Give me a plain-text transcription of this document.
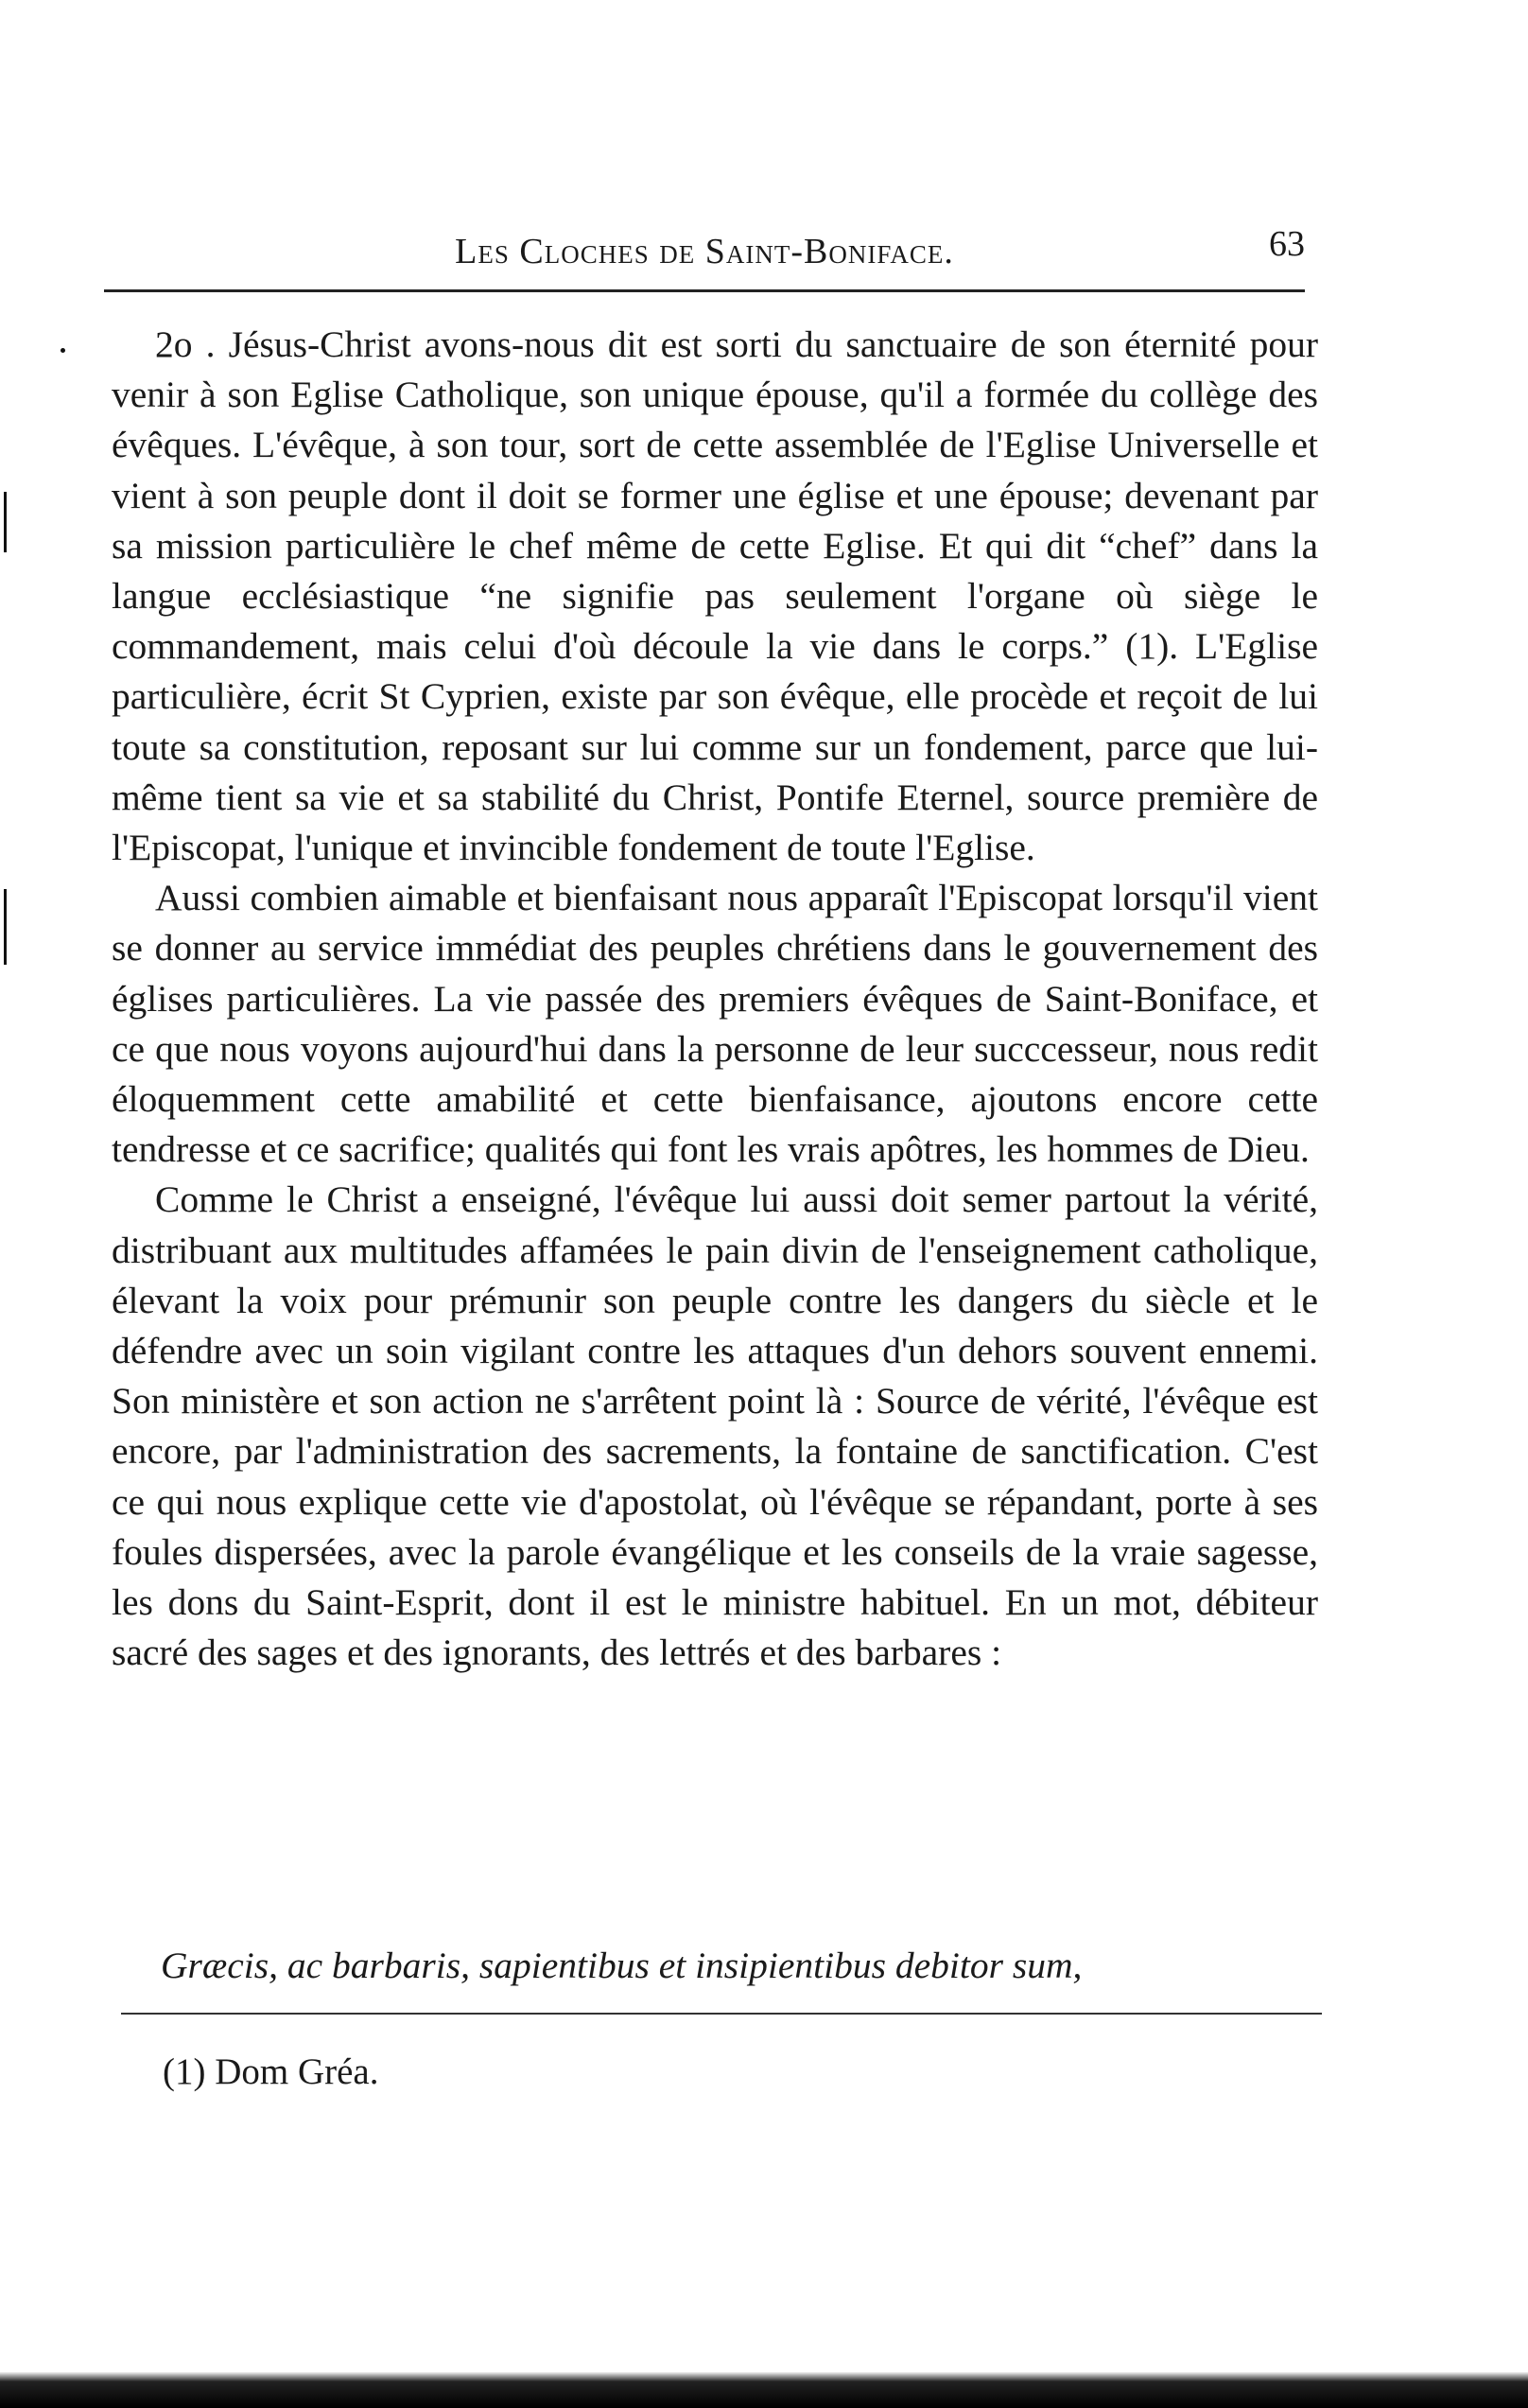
Les Cloches de Saint-Boniface.	63

2o . Jésus-Christ avons-nous dit est sorti du sanctuaire de son éternité pour venir à son Eglise Catholique, son unique épouse, qu'il a formée du collège des évêques. L'évêque, à son tour, sort de cette assemblée de l'Eglise Universelle et vient à son peuple dont il doit se former une église et une épouse; devenant par sa mission particulière le chef même de cette Eglise. Et qui dit “chef” dans la langue ecclésiastique “ne signifie pas seulement l'organe où siège le commandement, mais celui d'où découle la vie dans le corps.” (1). L'Eglise particulière, écrit St Cyprien, existe par son évêque, elle procède et reçoit de lui toute sa constitution, reposant sur lui comme sur un fondement, parce que lui-même tient sa vie et sa stabilité du Christ, Pontife Eternel, source première de l'Episcopat, l'unique et invincible fondement de toute l'Eglise.

Aussi combien aimable et bienfaisant nous apparaît l'Episcopat lorsqu'il vient se donner au service immédiat des peuples chrétiens dans le gouvernement des églises particulières. La vie passée des premiers évêques de Saint-Boniface, et ce que nous voyons aujourd'hui dans la personne de leur succcesseur, nous redit éloquemment cette amabilité et cette bienfaisance, ajoutons encore cette tendresse et ce sacrifice; qualités qui font les vrais apôtres, les hommes de Dieu.

Comme le Christ a enseigné, l'évêque lui aussi doit semer partout la vérité, distribuant aux multitudes affamées le pain divin de l'enseignement catholique, élevant la voix pour prémunir son peuple contre les dangers du siècle et le défendre avec un soin vigilant contre les attaques d'un dehors souvent ennemi. Son ministère et son action ne s'arrêtent point là : Source de vérité, l'évêque est encore, par l'administration des sacrements, la fontaine de sanctification. C'est ce qui nous explique cette vie d'apostolat, où l'évêque se répandant, porte à ses foules dispersées, avec la parole évangélique et les conseils de la vraie sagesse, les dons du Saint-Esprit, dont il est le ministre habituel. En un mot, débiteur sacré des sages et des ignorants, des lettrés et des barbares :

Græcis, ac barbaris, sapientibus et insipientibus debitor sum,
(1) Dom Gréa.
